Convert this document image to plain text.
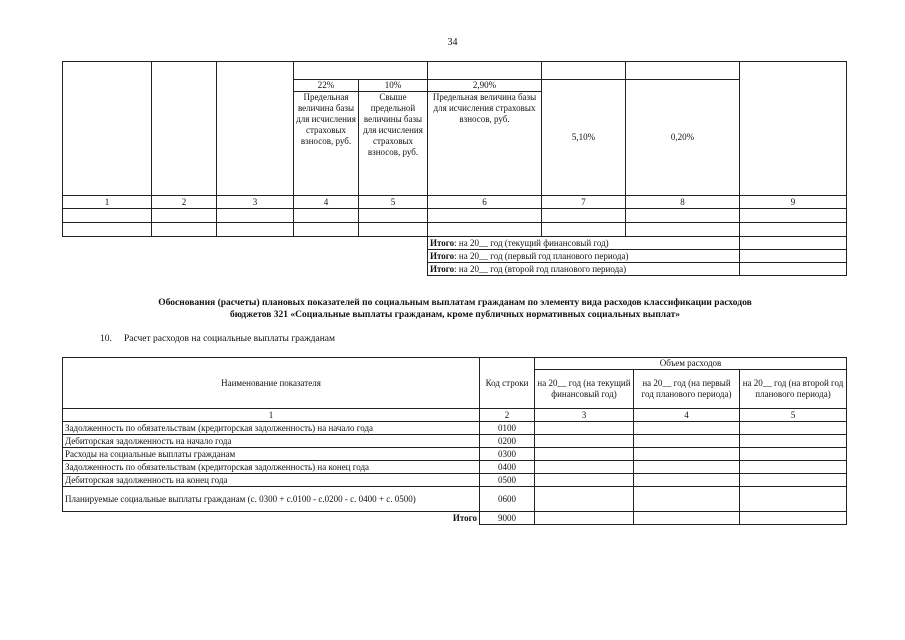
34

			22%	10%	2,90%	5,10%	0,20%	
			Предельная величина базы для исчисления страховых взносов, руб.	Свыше предельной величины базы для исчисления страховых взносов, руб.	Предельная величина базы для исчисления страховых взносов, руб.			
1	2	3	4	5	6	7	8	9

					Итого: на 20__ год (текущий финансовый год)			
					Итого: на 20__ год (первый год планового периода)			
					Итого: на 20__ год (второй год планового периода)			
Обоснования (расчеты) плановых показателей по социальным выплатам гражданам по элементу вида расходов классификации расходов
бюджетов 321 «Социальные выплаты гражданам, кроме публичных нормативных социальных выплат»
10. Расчет расходов на социальные выплаты гражданам
Наименование показателя	Код строки	Объем расходов		
		на 20__ год (на текущий финансовый год)	на 20__ год (на первый год планового периода)	на 20__ год (на второй год планового периода)
1	2	3	4	5
Задолженность по обязательствам (кредиторская задолженность) на начало года	0100			
Дебиторская задолженность на начало года	0200			
Расходы на социальные выплаты гражданам	0300			
Задолженность по обязательствам (кредиторская задолженность) на конец года	0400			
Дебиторская задолженность на конец года	0500			
Планируемые социальные выплаты гражданам (с. 0300 + с.0100 - с.0200 - с. 0400 + с. 0500)	0600			
Итого	9000			
